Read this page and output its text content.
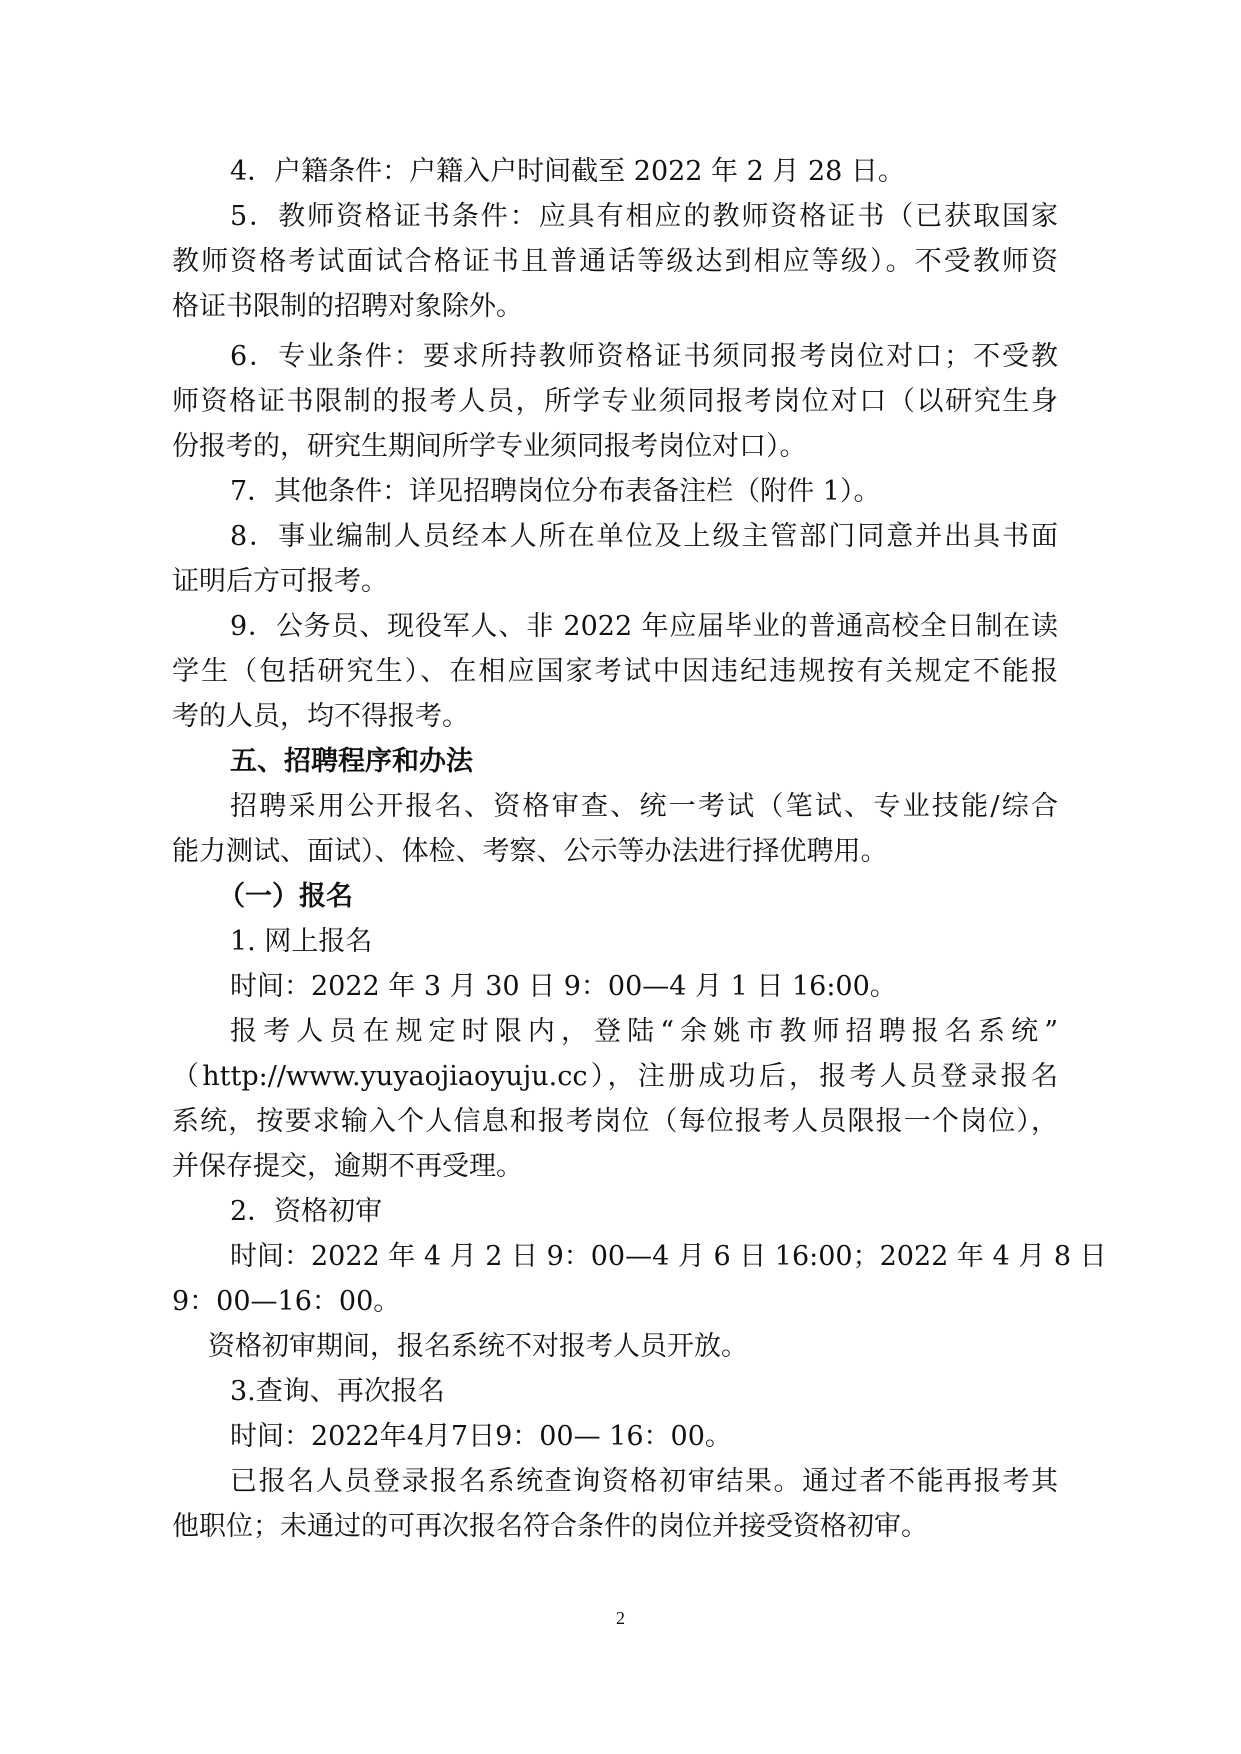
4．户籍条件：户籍入户时间截至 2022 年 2 月 28 日。
5．教师资格证书条件：应具有相应的教师资格证书（已获取国家
教师资格考试面试合格证书且普通话等级达到相应等级）。不受教师资
格证书限制的招聘对象除外。
6．专业条件：要求所持教师资格证书须同报考岗位对口；不受教
师资格证书限制的报考人员，所学专业须同报考岗位对口（以研究生身
份报考的，研究生期间所学专业须同报考岗位对口）。
7．其他条件：详见招聘岗位分布表备注栏（附件 1）。
8．事业编制人员经本人所在单位及上级主管部门同意并出具书面
证明后方可报考。
9．公务员、现役军人、非 2022 年应届毕业的普通高校全日制在读
学生（包括研究生）、在相应国家考试中因违纪违规按有关规定不能报
考的人员，均不得报考。
五、招聘程序和办法
招聘采用公开报名、资格审查、统一考试（笔试、专业技能/综合
能力测试、面试）、体检、考察、公示等办法进行择优聘用。
（一）报名
1. 网上报名
时间：2022 年 3 月 30 日 9：00—4 月 1 日 16:00。
报考人员在规定时限内，登陆“余姚市教师招聘报名系统”
（http://www.yuyaojiaoyuju.cc），注册成功后，报考人员登录报名
系统，按要求输入个人信息和报考岗位（每位报考人员限报一个岗位），
并保存提交，逾期不再受理。
2．资格初审
时间：2022 年 4 月 2 日 9：00—4 月 6 日 16:00；2022 年 4 月 8 日
9：00—16：00。
资格初审期间，报名系统不对报考人员开放。
3.查询、再次报名
时间：2022年4月7日9：00— 16：00。
已报名人员登录报名系统查询资格初审结果。通过者不能再报考其
他职位；未通过的可再次报名符合条件的岗位并接受资格初审。
2
